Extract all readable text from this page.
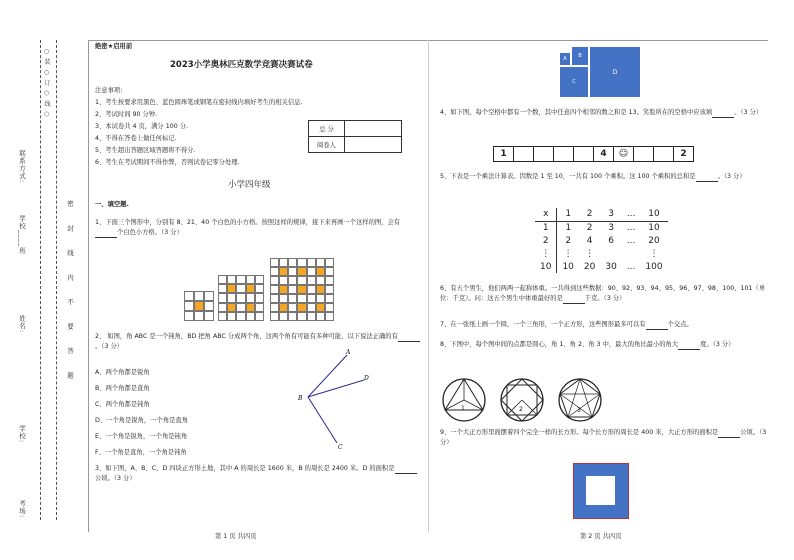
○ 装 ○ 订 ○ 线 ○
联系方式:
学校____班
姓名:
学校:
考场:
密 封 线 内 不 要 答 题
绝密★启用前
2023小学奥林匹克数学竞赛决赛试卷
注意事项:
1、考生按要求用黑色、蓝色圆珠笔或钢笔在密封线内填好考生的相关信息.
2、考试时间 90 分钟.
3、本试卷共 4 页，满分 100 分.
4、不得在答卷上做任何标记.
5、考生超出答题区域答题将不得分.
6、考生在考试期间不得作弊，否则试卷记零分处理.
总 分	
阅卷人	
小学四年级
一、填空题.
1、下面三个图形中，分别有 8、21、40 个白色的小方格。按照这样的规律，接下来再画一个这样的图，会有个白色小方格。（3 分）
2、 如图，角 ABC 是一个钝角，BD 把角 ABC 分成两个角，这两个角有可能有多种可能，以下说法正确的有。（3 分）
A、两个角都是锐角
B、两个角都是直角
C、两个角都是钝角
D、一个角是锐角，一个角是直角
E、一个角是锐角，一个角是钝角
F、一个角是直角，一个角是钝角
A
D
B
C
3、如下图，A、B、C、D 四块正方形土地，其中 A 的周长是 1600 米，B 的周长是 2400 米。D 的面积是公顷。（3 分）
第 1 页 共四页
A	B
C
D
4、如下图，每个空格中都有一个数，其中任意四个相邻的数之和是 13。笑脸所在的空格中应该填	。（3 分）
1					4	☺			2
5、下表是一个乘法计算表。因数是 1 至 10，一共有 100 个乘积。这 100 个乘积的总和是	。（3 分）
x	1	2	3	...	10
1	1	2	3	...	10
2	2	4	6	...	20
⋮	⋮	⋮			⋮
10	10	20	30	...	100
6、有五个男生，他们两两一起称体重。一共得到这些数据：90、92、93、94、95、96、97、98、100、101（单位：千克）。问：这五个男生中体重最好的是	千克。（3 分）
7、在一张纸上画一个圆，一个三角形，一个正方形，这些图形最多可以有	个交点。
8、下图中，每个图中间的点都是圆心，角 1、角 2、角 3 中，最大的角比最小的角大	度。（3 分）
1	2	3
9、一个大正方形里面摆着四个完全一样的长方形。每个长方形的周长是 400 米，大正方形的面积是	公顷。（3 分）
第 2 页 共四页
